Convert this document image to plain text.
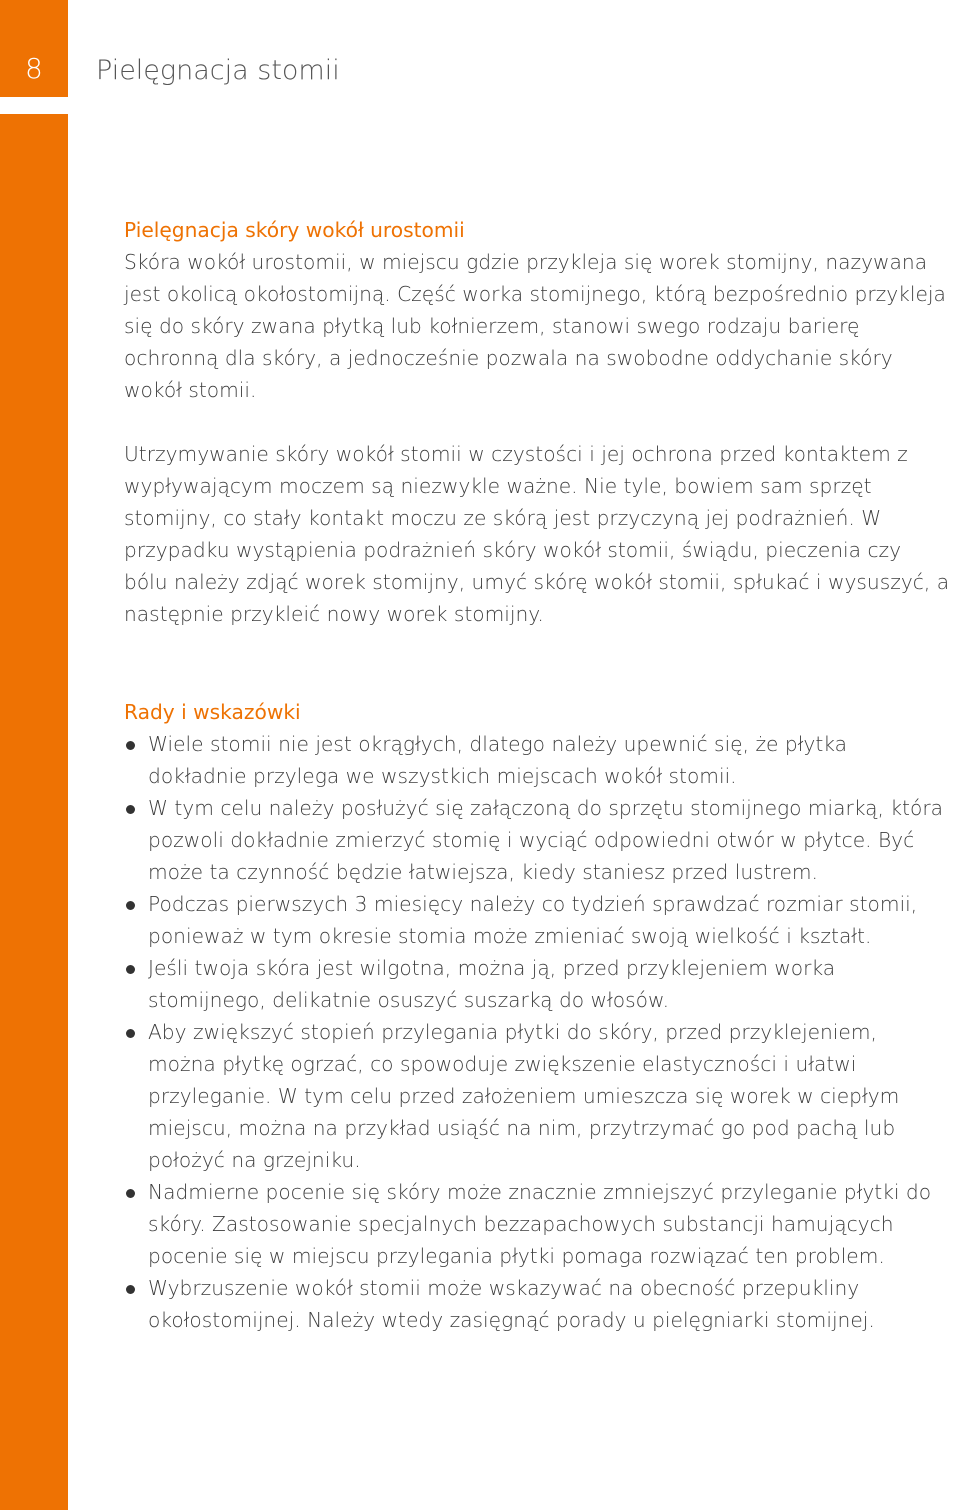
8 Pielęgnacja stomii
Pielęgnacja skóry wokół urostomii

Skóra wokół urostomii, w miejscu gdzie przykleja się worek stomijny, nazywana jest okolicą okołostomijną. Część worka stomijnego, którą bezpośrednio przykleja się do skóry zwana płytką lub kołnierzem, stanowi swego rodzaju barierę ochronną dla skóry, a jednocześnie pozwala na swobodne oddychanie skóry wokół stomii.

Utrzymywanie skóry wokół stomii w czystości i jej ochrona przed kontaktem z wypływającym moczem są niezwykle ważne. Nie tyle, bowiem sam sprzęt stomijny, co stały kontakt moczu ze skórą jest przyczyną jej podrażnień. W przypadku wystąpienia podrażnień skóry wokół stomii, świądu, pieczenia czy bólu należy zdjąć worek stomijny, umyć skórę wokół stomii, spłukać i wysuszyć, a następnie przykleić nowy worek stomijny.

Rady i wskazówki
Wiele stomii nie jest okrągłych, dlatego należy upewnić się, że płytka dokładnie przylega we wszystkich miejscach wokół stomii.
W tym celu należy posłużyć się załączoną do sprzętu stomijnego miarką, która pozwoli dokładnie zmierzyć stomię i wyciąć odpowiedni otwór w płytce. Być może ta czynność będzie łatwiejsza, kiedy staniesz przed lustrem.
Podczas pierwszych 3 miesięcy należy co tydzień sprawdzać rozmiar stomii, ponieważ w tym okresie stomia może zmieniać swoją wielkość i kształt.
Jeśli twoja skóra jest wilgotna, można ją, przed przyklejeniem worka stomijnego, delikatnie osuszyć suszarką do włosów.
Aby zwiększyć stopień przylegania płytki do skóry, przed przyklejeniem, można płytkę ogrzać, co spowoduje zwiększenie elastyczności i ułatwi przyleganie. W tym celu przed założeniem umieszcza się worek w ciepłym miejscu, można na przykład usiąść na nim, przytrzymać go pod pachą lub położyć na grzejniku.
Nadmierne pocenie się skóry może znacznie zmniejszyć przyleganie płytki do skóry. Zastosowanie specjalnych bezzapachowych substancji hamujących pocenie się w miejscu przylegania płytki pomaga rozwiązać ten problem.
Wybrzuszenie wokół stomii może wskazywać na obecność przepukliny okołostomijnej. Należy wtedy zasięgnąć porady u pielęgniarki stomijnej.
